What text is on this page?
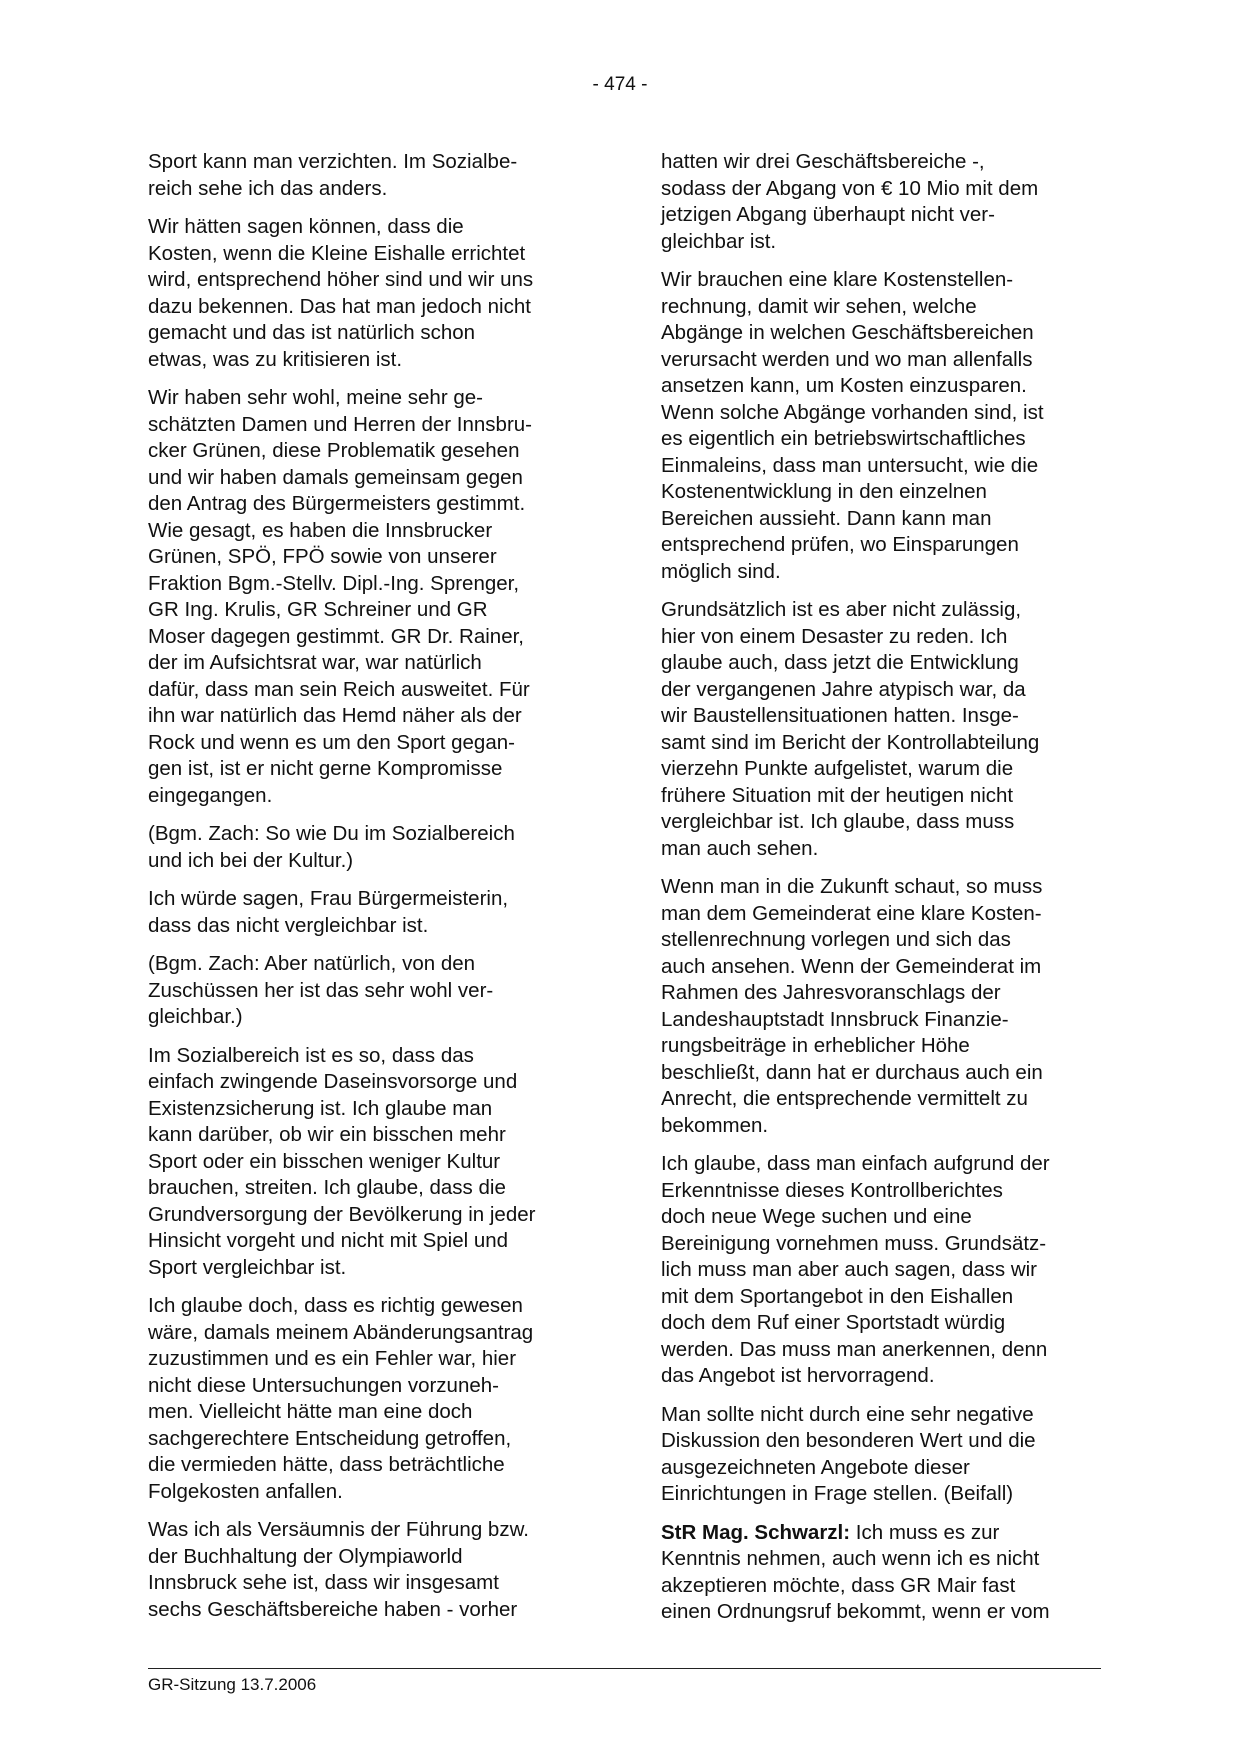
- 474 -

Sport kann man verzichten. Im Sozialbe-
reich sehe ich das anders.

Wir hätten sagen können, dass die
Kosten, wenn die Kleine Eishalle errichtet
wird, entsprechend höher sind und wir uns
dazu bekennen. Das hat man jedoch nicht
gemacht und das ist natürlich schon
etwas, was zu kritisieren ist.

Wir haben sehr wohl, meine sehr ge-
schätzten Damen und Herren der Innsbru-
cker Grünen, diese Problematik gesehen
und wir haben damals gemeinsam gegen
den Antrag des Bürgermeisters gestimmt.
Wie gesagt, es haben die Innsbrucker
Grünen, SPÖ, FPÖ sowie von unserer
Fraktion Bgm.-Stellv. Dipl.-Ing. Sprenger,
GR Ing. Krulis, GR Schreiner und GR
Moser dagegen gestimmt. GR Dr. Rainer,
der im Aufsichtsrat war, war natürlich
dafür, dass man sein Reich ausweitet. Für
ihn war natürlich das Hemd näher als der
Rock und wenn es um den Sport gegan-
gen ist, ist er nicht gerne Kompromisse
eingegangen.

(Bgm. Zach: So wie Du im Sozialbereich
und ich bei der Kultur.)

Ich würde sagen, Frau Bürgermeisterin,
dass das nicht vergleichbar ist.

(Bgm. Zach: Aber natürlich, von den
Zuschüssen her ist das sehr wohl ver-
gleichbar.)

Im Sozialbereich ist es so, dass das
einfach zwingende Daseinsvorsorge und
Existenzsicherung ist. Ich glaube man
kann darüber, ob wir ein bisschen mehr
Sport oder ein bisschen weniger Kultur
brauchen, streiten. Ich glaube, dass die
Grundversorgung der Bevölkerung in jeder
Hinsicht vorgeht und nicht mit Spiel und
Sport vergleichbar ist.

Ich glaube doch, dass es richtig gewesen
wäre, damals meinem Abänderungsantrag
zuzustimmen und es ein Fehler war, hier
nicht diese Untersuchungen vorzuneh-
men. Vielleicht hätte man eine doch
sachgerechtere Entscheidung getroffen,
die vermieden hätte, dass beträchtliche
Folgekosten anfallen.

Was ich als Versäumnis der Führung bzw.
der Buchhaltung der Olympiaworld
Innsbruck sehe ist, dass wir insgesamt
sechs Geschäftsbereiche haben - vorher

hatten wir drei Geschäftsbereiche -,
sodass der Abgang von € 10 Mio mit dem
jetzigen Abgang überhaupt nicht ver-
gleichbar ist.

Wir brauchen eine klare Kostenstellen-
rechnung, damit wir sehen, welche
Abgänge in welchen Geschäftsbereichen
verursacht werden und wo man allenfalls
ansetzen kann, um Kosten einzusparen.
Wenn solche Abgänge vorhanden sind, ist
es eigentlich ein betriebswirtschaftliches
Einmaleins, dass man untersucht, wie die
Kostenentwicklung in den einzelnen
Bereichen aussieht. Dann kann man
entsprechend prüfen, wo Einsparungen
möglich sind.

Grundsätzlich ist es aber nicht zulässig,
hier von einem Desaster zu reden. Ich
glaube auch, dass jetzt die Entwicklung
der vergangenen Jahre atypisch war, da
wir Baustellensituationen hatten. Insge-
samt sind im Bericht der Kontrollabteilung
vierzehn Punkte aufgelistet, warum die
frühere Situation mit der heutigen nicht
vergleichbar ist. Ich glaube, dass muss
man auch sehen.

Wenn man in die Zukunft schaut, so muss
man dem Gemeinderat eine klare Kosten-
stellenrechnung vorlegen und sich das
auch ansehen. Wenn der Gemeinderat im
Rahmen des Jahresvoranschlags der
Landeshauptstadt Innsbruck Finanzie-
rungsbeiträge in erheblicher Höhe
beschließt, dann hat er durchaus auch ein
Anrecht, die entsprechende vermittelt zu
bekommen.

Ich glaube, dass man einfach aufgrund der
Erkenntnisse dieses Kontrollberichtes
doch neue Wege suchen und eine
Bereinigung vornehmen muss. Grundsätz-
lich muss man aber auch sagen, dass wir
mit dem Sportangebot in den Eishallen
doch dem Ruf einer Sportstadt würdig
werden. Das muss man anerkennen, denn
das Angebot ist hervorragend.

Man sollte nicht durch eine sehr negative
Diskussion den besonderen Wert und die
ausgezeichneten Angebote dieser
Einrichtungen in Frage stellen. (Beifall)

StR Mag. Schwarzl: Ich muss es zur
Kenntnis nehmen, auch wenn ich es nicht
akzeptieren möchte, dass GR Mair fast
einen Ordnungsruf bekommt, wenn er vom

GR-Sitzung 13.7.2006
